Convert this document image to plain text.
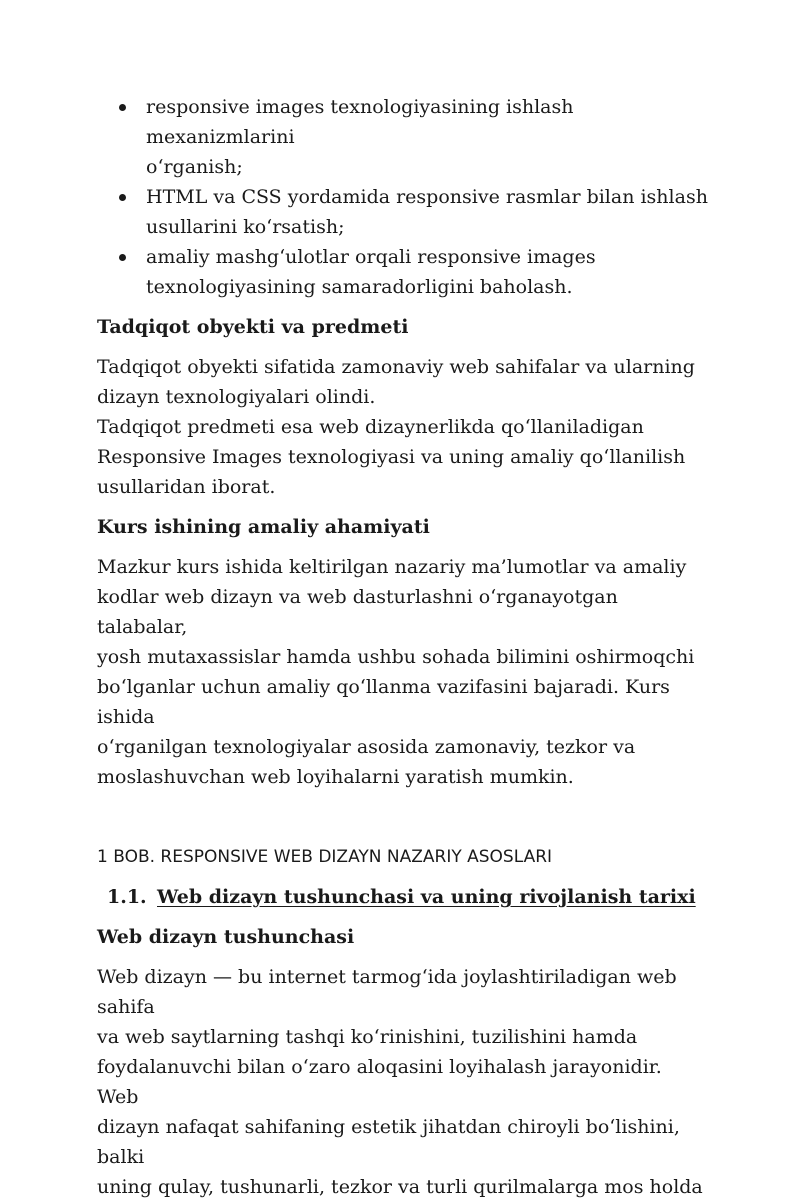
responsive images texnologiyasining ishlash mexanizmlarini
o‘rganish;
HTML va CSS yordamida responsive rasmlar bilan ishlash
usullarini ko‘rsatish;
amaliy mashg‘ulotlar orqali responsive images
texnologiyasining samaradorligini baholash.
Tadqiqot obyekti va predmeti

Tadqiqot obyekti sifatida zamonaviy web sahifalar va ularning
dizayn texnologiyalari olindi.
Tadqiqot predmeti esa web dizaynerlikda qo‘llaniladigan
Responsive Images texnologiyasi va uning amaliy qo‘llanilish
usullaridan iborat.

Kurs ishining amaliy ahamiyati

Mazkur kurs ishida keltirilgan nazariy ma’lumotlar va amaliy
kodlar web dizayn va web dasturlashni o‘rganayotgan talabalar,
yosh mutaxassislar hamda ushbu sohada bilimini oshirmoqchi
bo‘lganlar uchun amaliy qo‘llanma vazifasini bajaradi. Kurs ishida
o‘rganilgan texnologiyalar asosida zamonaviy, tezkor va
moslashuvchan web loyihalarni yaratish mumkin.

1 BOB. RESPONSIVE WEB DIZAYN NAZARIY ASOSLARI

1.1. Web dizayn tushunchasi va uning rivojlanish tarixi
Web dizayn tushunchasi

Web dizayn — bu internet tarmog‘ida joylashtiriladigan web sahifa
va web saytlarning tashqi ko‘rinishini, tuzilishini hamda
foydalanuvchi bilan o‘zaro aloqasini loyihalash jarayonidir. Web
dizayn nafaqat sahifaning estetik jihatdan chiroyli bo‘lishini, balki
uning qulay, tushunarli, tezkor va turli qurilmalarga mos holda
